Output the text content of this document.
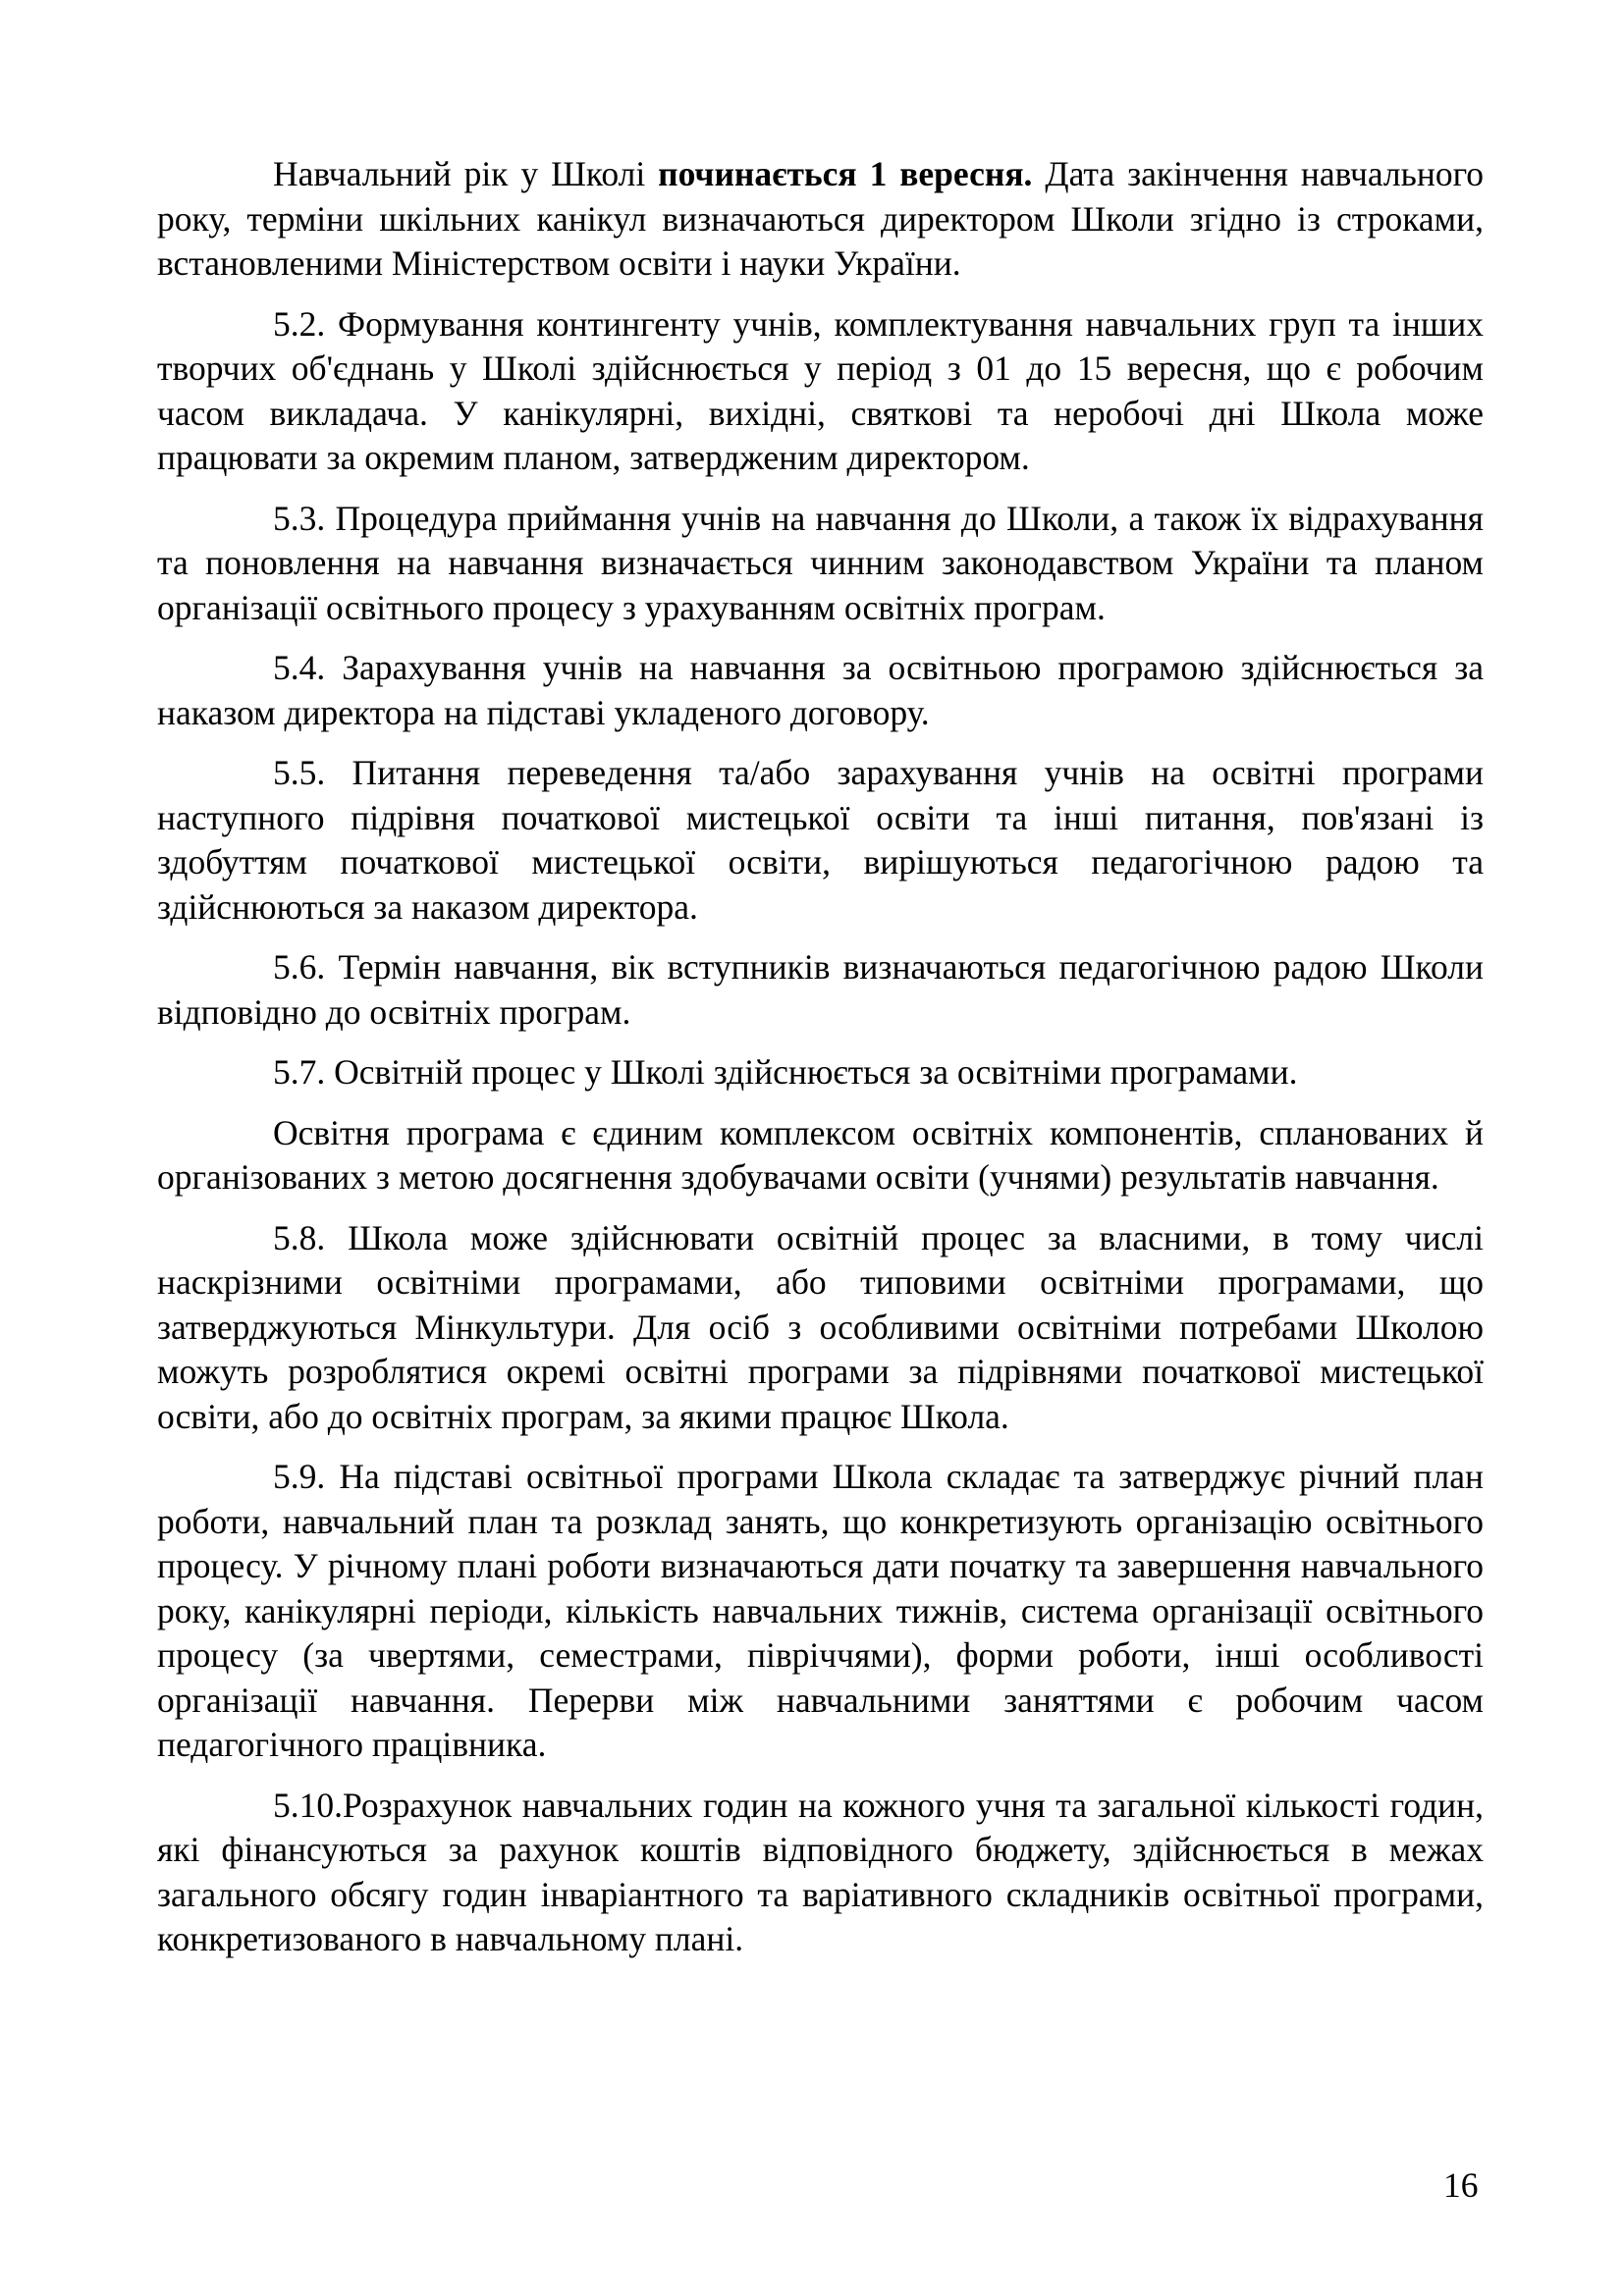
Навчальний рік у Школі починається 1 вересня. Дата закінчення навчального року, терміни шкільних канікул визначаються директором Школи згідно із строками, встановленими Міністерством освіти і науки України.

5.2. Формування контингенту учнів, комплектування навчальних груп та інших творчих об'єднань у Школі здійснюється у період з 01 до 15 вересня, що є робочим часом викладача. У канікулярні, вихідні, святкові та неробочі дні Школа може працювати за окремим планом, затвердженим директором.

5.3. Процедура приймання учнів на навчання до Школи, а також їх відрахування та поновлення на навчання визначається чинним законодавством України та планом організації освітнього процесу з урахуванням освітніх програм.

5.4. Зарахування учнів на навчання за освітньою програмою здійснюється за наказом директора на підставі укладеного договору.

5.5. Питання переведення та/або зарахування учнів на освітні програми наступного підрівня початкової мистецької освіти та інші питання, пов'язані із здобуттям початкової мистецької освіти, вирішуються педагогічною радою та здійснюються за наказом директора.

5.6. Термін навчання, вік вступників визначаються педагогічною радою Школи відповідно до освітніх програм.

5.7. Освітній процес у Школі здійснюється за освітніми програмами.

Освітня програма є єдиним комплексом освітніх компонентів, спланованих й організованих з метою досягнення здобувачами освіти (учнями) результатів навчання.

5.8. Школа може здійснювати освітній процес за власними, в тому числі наскрізними освітніми програмами, або типовими освітніми програмами, що затверджуються Мінкультури. Для осіб з особливими освітніми потребами Школою можуть розроблятися окремі освітні програми за підрівнями початкової мистецької освіти, або до освітніх програм, за якими працює Школа.

5.9. На підставі освітньої програми Школа складає та затверджує річний план роботи, навчальний план та розклад занять, що конкретизують організацію освітнього процесу. У річному плані роботи визначаються дати початку та завершення навчального року, канікулярні періоди, кількість навчальних тижнів, система організації освітнього процесу (за чвертями, семестрами, півріччями), форми роботи, інші особливості організації навчання. Перерви між навчальними заняттями є робочим часом педагогічного працівника.

5.10.Розрахунок навчальних годин на кожного учня та загальної кількості годин, які фінансуються за рахунок коштів відповідного бюджету, здійснюється в межах загального обсягу годин інваріантного та варіативного складників освітньої програми, конкретизованого в навчальному плані.

16
